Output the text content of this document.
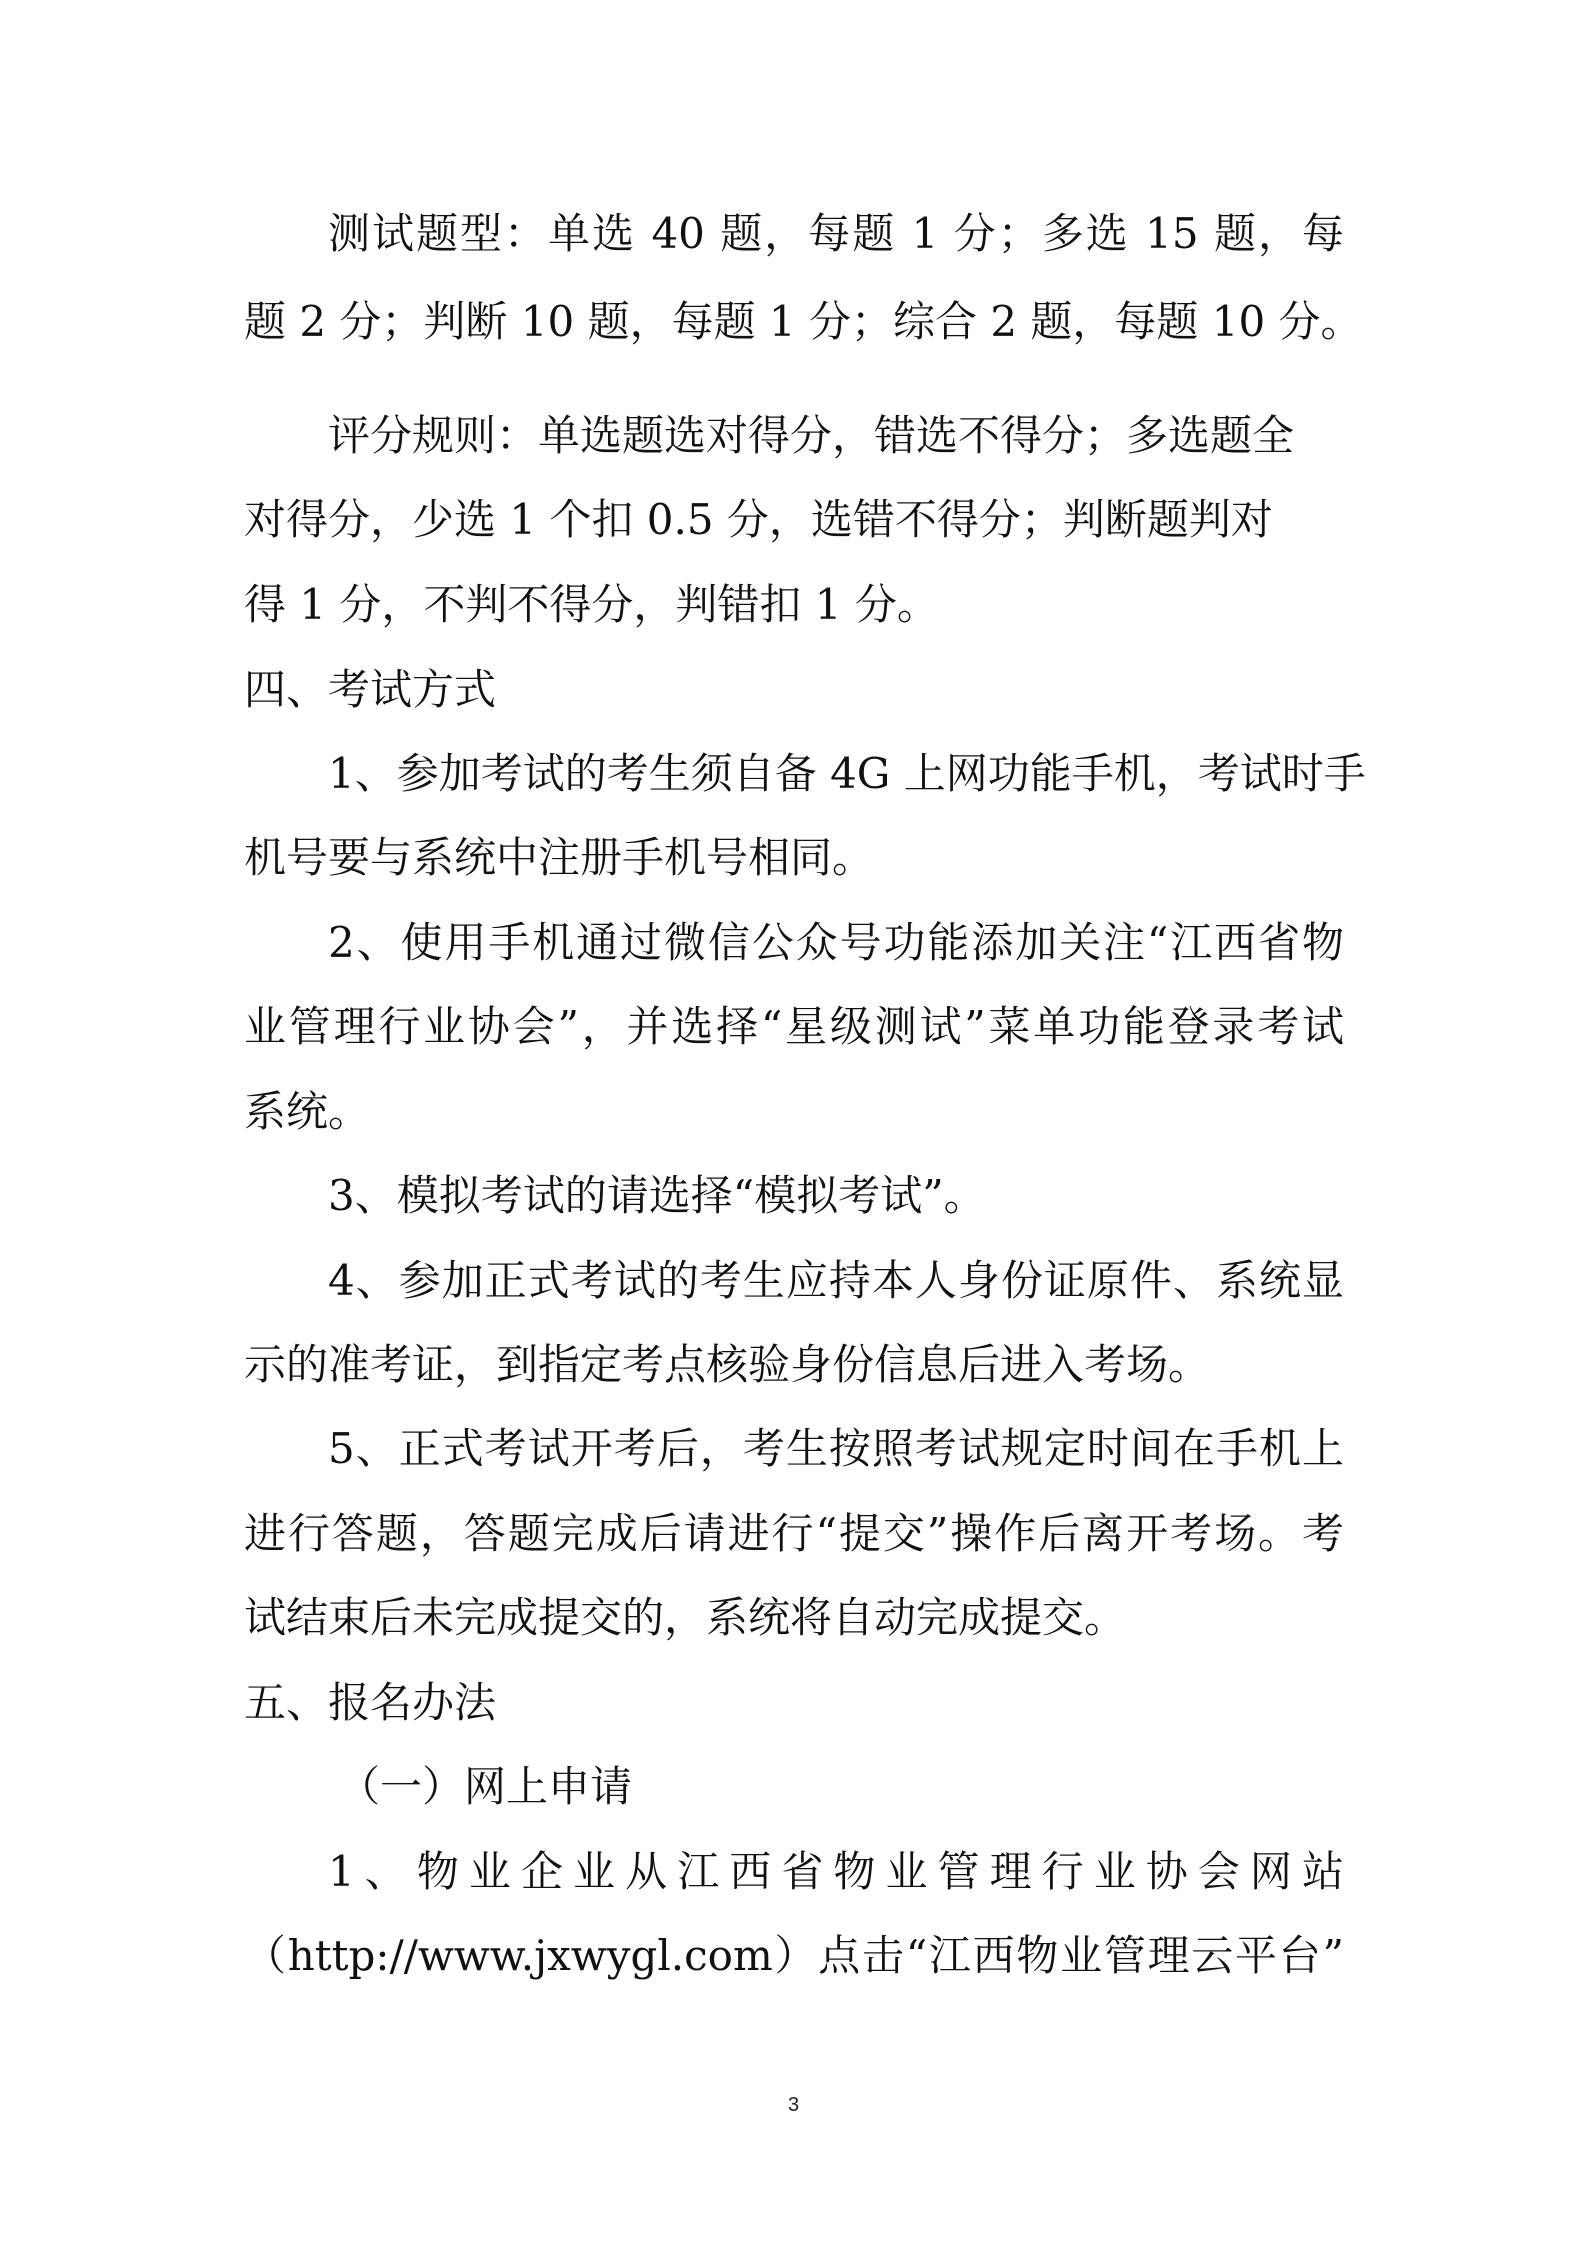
测试题型：单选 40 题，每题 1 分；多选 15 题，每
题 2 分；判断 10 题，每题 1 分；综合 2 题，每题 10 分。
评分规则：单选题选对得分，错选不得分；多选题全
对得分，少选 1 个扣 0.5 分，选错不得分；判断题判对
得 1 分，不判不得分，判错扣 1 分。
四、考试方式
1、参加考试的考生须自备 4G 上网功能手机，考试时手
机号要与系统中注册手机号相同。
2、使用手机通过微信公众号功能添加关注“江西省物
业管理行业协会”，并选择“星级测试”菜单功能登录考试
系统。
3、模拟考试的请选择“模拟考试”。
4、参加正式考试的考生应持本人身份证原件、系统显
示的准考证，到指定考点核验身份信息后进入考场。
5、正式考试开考后，考生按照考试规定时间在手机上
进行答题，答题完成后请进行“提交”操作后离开考场。考
试结束后未完成提交的，系统将自动完成提交。
五、报名办法
（一）网上申请
1、物业企业从江西省物业管理行业协会网站
（http://www.jxwygl.com）点击“江西物业管理云平台”
3
